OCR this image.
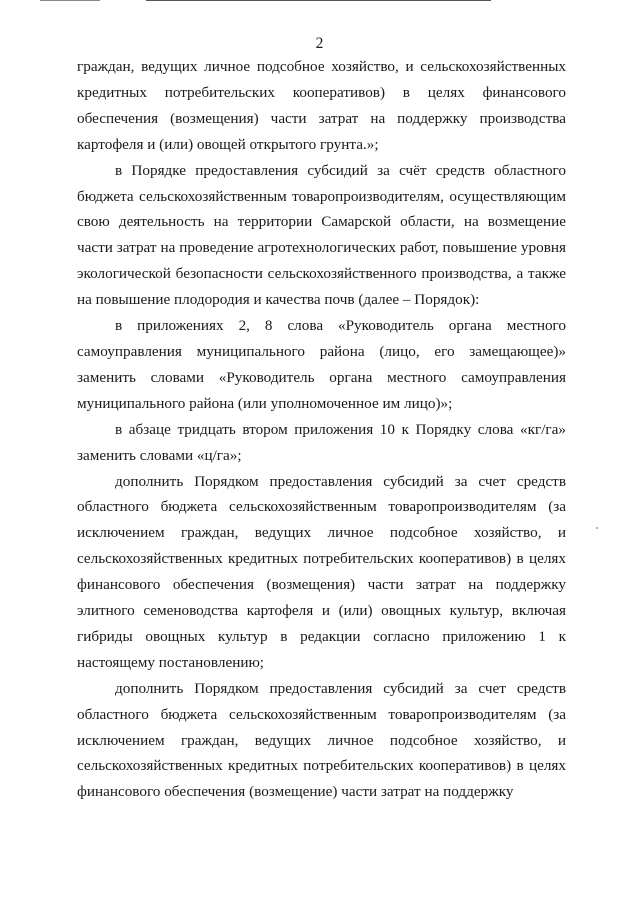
2

граждан, ведущих личное подсобное хозяйство, и сельскохозяйственных кредитных потребительских кооперативов) в целях финансового обеспечения (возмещения) части затрат на поддержку производства картофеля и (или) овощей открытого грунта.»;

в Порядке предоставления субсидий за счёт средств областного бюджета сельскохозяйственным товаропроизводителям, осуществляющим свою деятельность на территории Самарской области, на возмещение части затрат на проведение агротехнологических работ, повышение уровня экологической безопасности сельскохозяйственного производства, а также на повышение плодородия и качества почв (далее – Порядок):

в приложениях 2, 8 слова «Руководитель органа местного самоуправления муниципального района (лицо, его замещающее)» заменить словами «Руководитель органа местного самоуправления муниципального района (или уполномоченное им лицо)»;

в абзаце тридцать втором приложения 10 к Порядку слова «кг/га» заменить словами «ц/га»;

дополнить Порядком предоставления субсидий за счет средств областного бюджета сельскохозяйственным товаропроизводителям (за исключением граждан, ведущих личное подсобное хозяйство, и сельскохозяйственных кредитных потребительских кооперативов) в целях финансового обеспечения (возмещения) части затрат на поддержку элитного семеноводства картофеля и (или) овощных культур, включая гибриды овощных культур в редакции согласно приложению 1 к настоящему постановлению;

дополнить Порядком предоставления субсидий за счет средств областного бюджета сельскохозяйственным товаропроизводителям (за исключением граждан, ведущих личное подсобное хозяйство, и сельскохозяйственных кредитных потребительских кооперативов) в целях финансового обеспечения (возмещение) части затрат на поддержку
